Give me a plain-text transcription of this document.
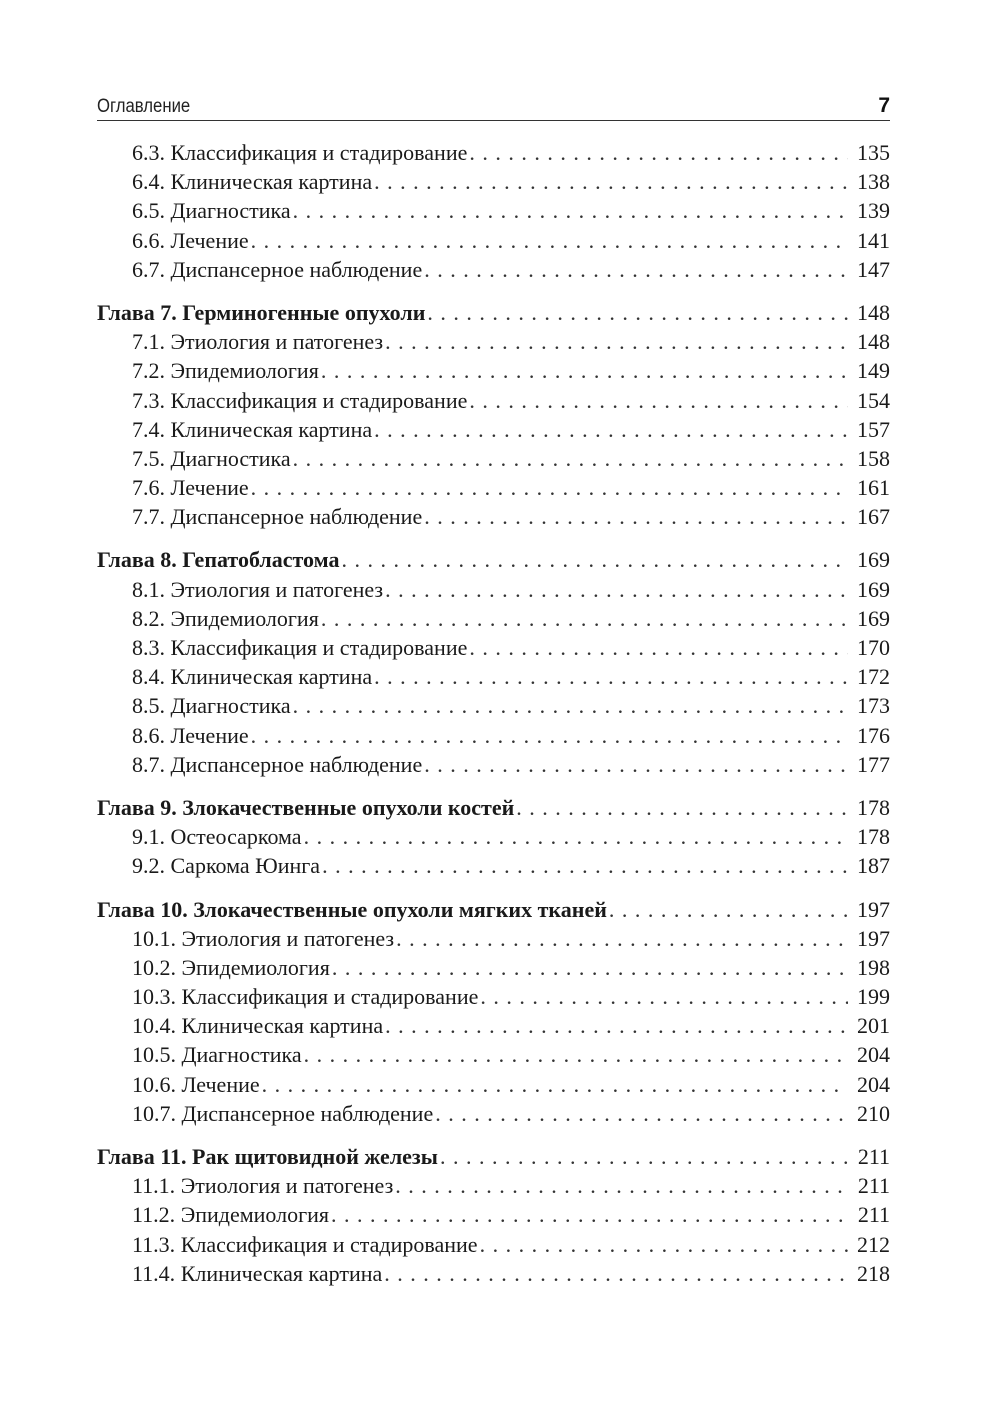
Оглавление	7
6.3. Классификация и стадирование . . .	135
6.4. Клиническая картина . . .	138
6.5. Диагностика . . .	139
6.6. Лечение . . .	141
6.7. Диспансерное наблюдение . . .	147
Глава 7. Герминогенные опухоли . . .	148
7.1. Этиология и патогенез . . .	148
7.2. Эпидемиология . . .	149
7.3. Классификация и стадирование . . .	154
7.4. Клиническая картина . . .	157
7.5. Диагностика . . .	158
7.6. Лечение . . .	161
7.7. Диспансерное наблюдение . . .	167
Глава 8. Гепатобластома . . .	169
8.1. Этиология и патогенез . . .	169
8.2. Эпидемиология . . .	169
8.3. Классификация и стадирование . . .	170
8.4. Клиническая картина . . .	172
8.5. Диагностика . . .	173
8.6. Лечение . . .	176
8.7. Диспансерное наблюдение . . .	177
Глава 9. Злокачественные опухоли костей . . .	178
9.1. Остеосаркома . . .	178
9.2. Саркома Юинга . . .	187
Глава 10. Злокачественные опухоли мягких тканей . . .	197
10.1. Этиология и патогенез . . .	197
10.2. Эпидемиология . . .	198
10.3. Классификация и стадирование . . .	199
10.4. Клиническая картина . . .	201
10.5. Диагностика . . .	204
10.6. Лечение . . .	204
10.7. Диспансерное наблюдение . . .	210
Глава 11. Рак щитовидной железы . . .	211
11.1. Этиология и патогенез . . .	211
11.2. Эпидемиология . . .	211
11.3. Классификация и стадирование . . .	212
11.4. Клиническая картина . . .	218
